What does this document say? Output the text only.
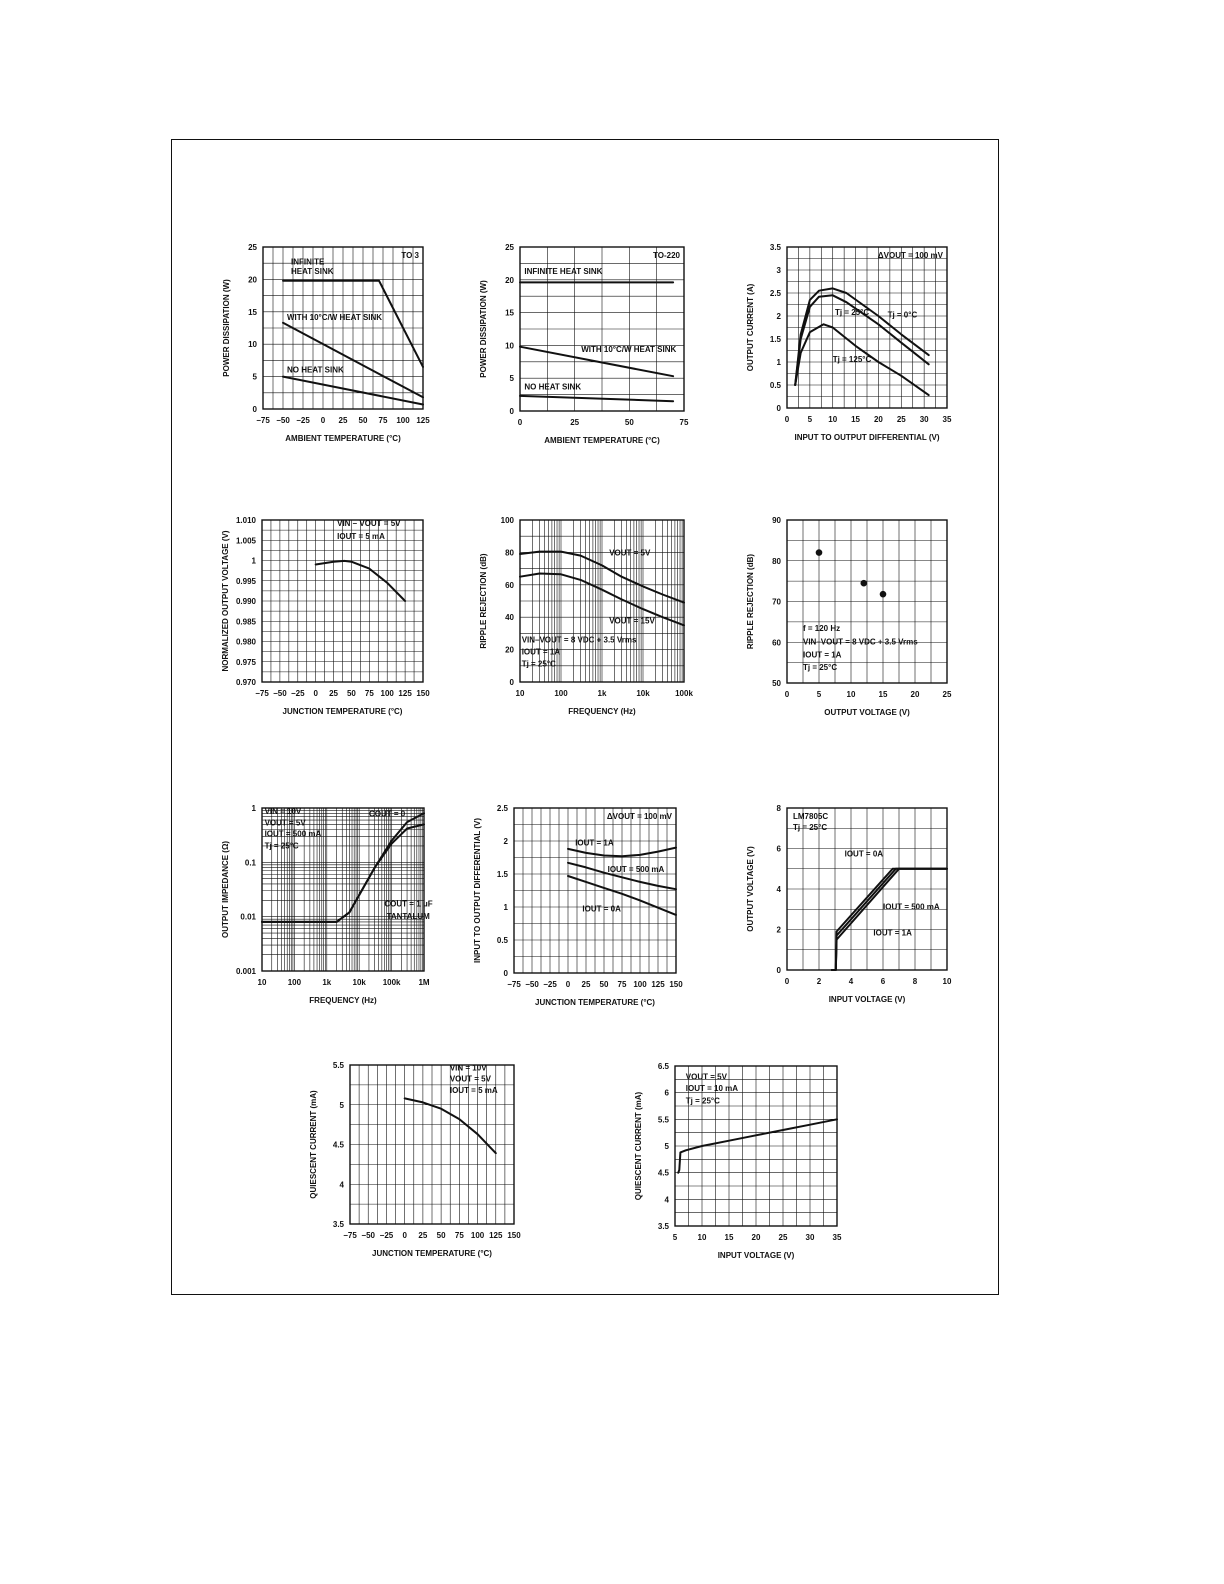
INFINITE
HEAT SINK
WITH 10°C/W HEAT SINK
NO HEAT SINK
TO 3
−75 −50 −25 0 25 50 75 100 125
0
5
10
15
20
25
AMBIENT TEMPERATURE (°C)
POWER DISSIPATION (W)
INFINITE HEAT SINK
WITH 10°C/W HEAT SINK
NO HEAT SINK
TO-220
0	25	50	75
0
5
10
15
20
25
AMBIENT TEMPERATURE (°C)
POWER DISSIPATION (W)	Tj = 25°C Tj = 0°C
Tj = 125°C
ΔVOUT = 100 mV
0 5 10 15 20 25 30 35
0
0.5
1
1.5
2
2.5
3
3.5
INPUT TO OUTPUT DIFFERENTIAL (V)
OUTPUT CURRENT (A)
VIN – VOUT = 5V
IOUT = 5 mA
−75 −50 −25 0 25 50 75 100 125 150
0.970
0.975
0.980
0.985
0.990
0.995
1
1.005
1.010
JUNCTION TEMPERATURE (°C)
NORMALIZED OUTPUT VOLTAGE (V)	VOUT = 5V
VOUT = 15V
VIN–VOUT = 8 VDC + 3.5 Vrms
IOUT = 1A
Tj = 25°C
10	100	1k	10k	100k
0
20
40
60
80
100
FREQUENCY (Hz)
RIPPLE REJECTION (dB)	f = 120 Hz
VIN–VOUT = 8 VDC + 3.5 Vrms
IOUT = 1A
Tj = 25°C
0	5	10	15	20	25
50
60
70
80
90
OUTPUT VOLTAGE (V)
RIPPLE REJECTION (dB)
VIN = 10V
VOUT = 5V
IOUT = 500 mA
Tj = 25°C
COUT = 0
COUT = 1 μF
TANTALUM
10	100	1k	10k 100k 1M
0.001
0.01
0.1
1
FREQUENCY (Hz)
OUTPUT IMPEDANCE (Ω)	IOUT = 1A
IOUT = 500 mA
IOUT = 0A
ΔVOUT = 100 mV
−75 −50 −25 0 25 50 75 100 125 150
0
0.5
1
1.5
2
2.5
JUNCTION TEMPERATURE (°C)
INPUT TO OUTPUT DIFFERENTIAL (V)	IOUT = 0A
IOUT = 500 mA
IOUT = 1A
LM7805C
Tj = 25°C
0	2	4	6	8	10
0
2
4
6
8
INPUT VOLTAGE (V)
OUTPUT VOLTAGE (V)
VIN = 10V
VOUT = 5V
IOUT = 5 mA
−75 −50 −25 0 25 50 75 100 125 150
3.5
4
4.5
5
5.5
JUNCTION TEMPERATURE (°C)
QUIESCENT CURRENT (mA)
VOUT = 5V
IOUT = 10 mA
Tj = 25°C
5	10 15 20 25 30 35
3.5
4
4.5
5
5.5
6
6.5
INPUT VOLTAGE (V)
QUIESCENT CURRENT (mA)
